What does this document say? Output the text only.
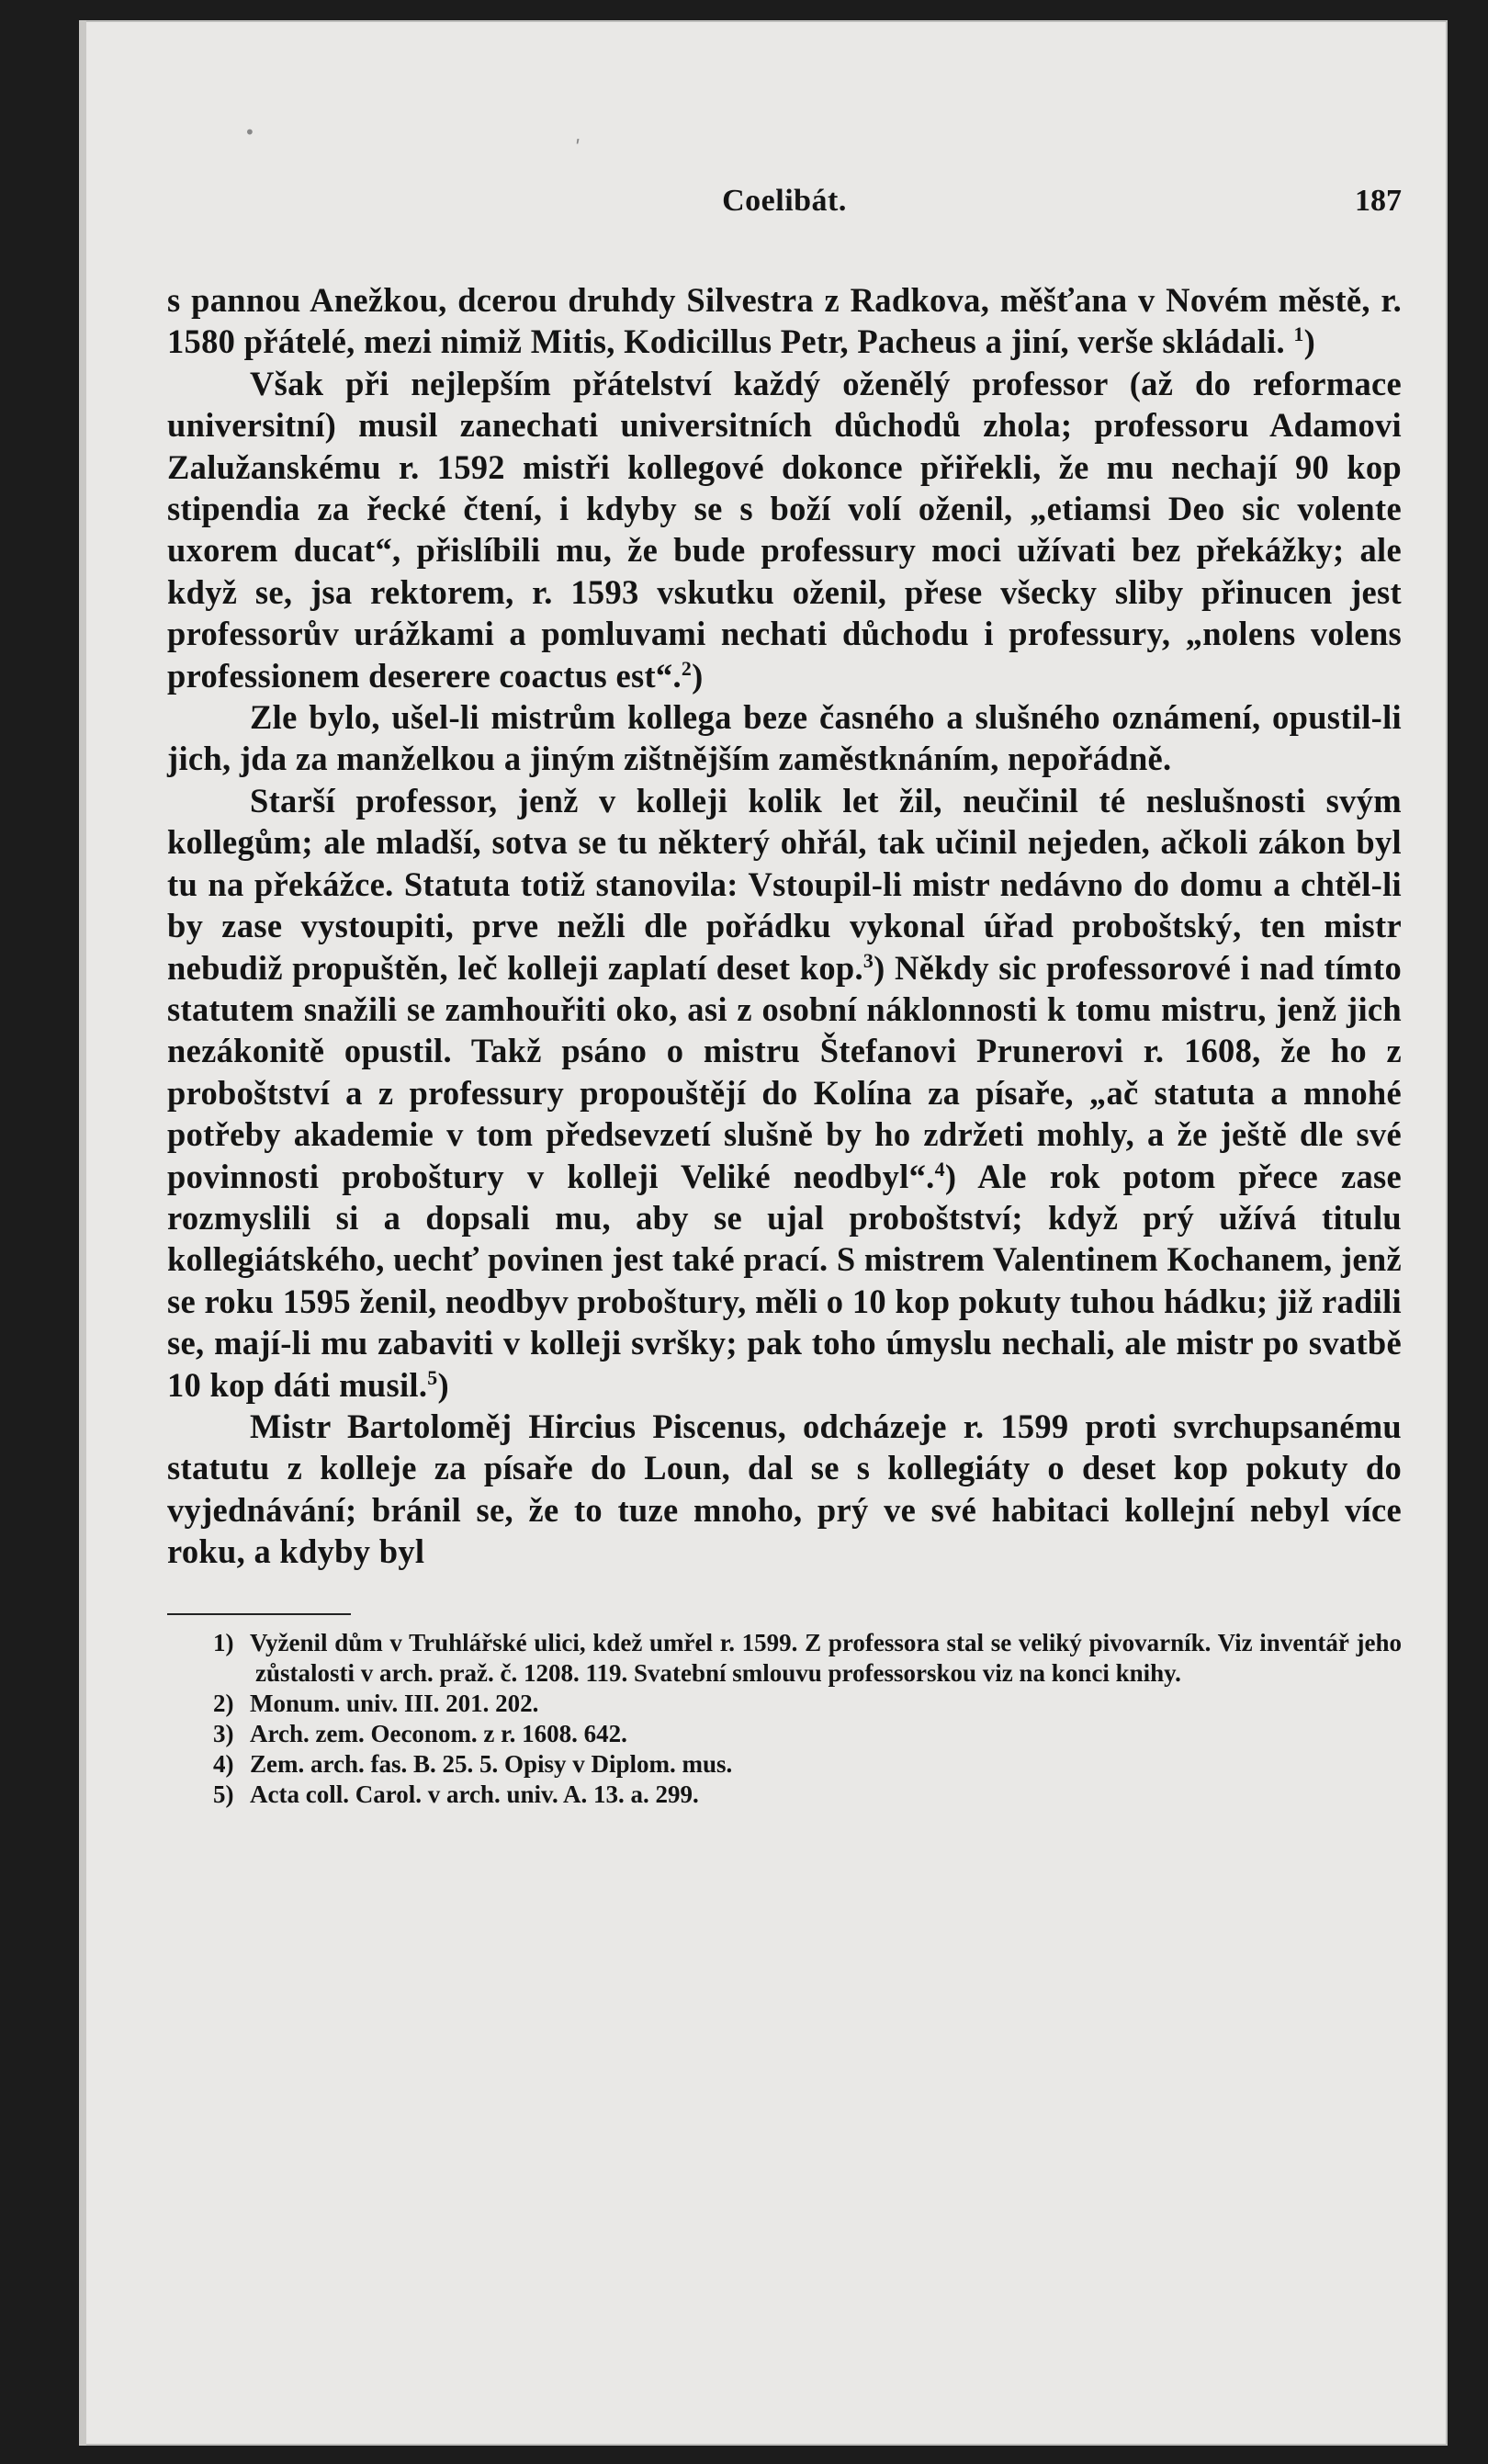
•
ʹ
Coelibát.	187

s pannou Anežkou, dcerou druhdy Silvestra z Radkova, měšťana v Novém městě, r. 1580 přátelé, mezi nimiž Mitis, Kodicillus Petr, Pacheus a jiní, verše skládali. $^1$)

Však při nejlepším přátelství každý oženělý professor (až do reformace universitní) musil zanechati universitních důchodů zhola; professoru Adamovi Zalužanskému r. 1592 mistři kollegové dokonce přiřekli, že mu nechají 90 kop stipendia za řecké čtení, i kdyby se s boží volí oženil, „etiamsi Deo sic volente uxorem ducat“, přislíbili mu, že bude professury moci užívati bez překážky; ale když se, jsa rektorem, r. 1593 vskutku oženil, přese všecky sliby přinucen jest professorův urážkami a pomluvami nechati důchodu i professury, „nolens volens professionem deserere coactus est“.$^2$)

Zle bylo, ušel-li mistrům kollega beze časného a slušného oznámení, opustil-li jich, jda za manželkou a jiným zištnějším zaměstknáním, nepořádně.

Starší professor, jenž v kolleji kolik let žil, neučinil té neslušnosti svým kollegům; ale mladší, sotva se tu některý ohřál, tak učinil nejeden, ačkoli zákon byl tu na překážce. Statuta totiž stanovila: Vstoupil-li mistr nedávno do domu a chtěl-li by zase vystoupiti, prve nežli dle pořádku vykonal úřad proboštský, ten mistr nebudiž propuštěn, leč kolleji zaplatí deset kop.$^3$) Někdy sic professorové i nad tímto statutem snažili se zamhouřiti oko, asi z osobní náklonnosti k tomu mistru, jenž jich nezákonitě opustil. Takž psáno o mistru Štefanovi Prunerovi r. 1608, že ho z proboštství a z professury propouštějí do Kolína za písaře, „ač statuta a mnohé potřeby akademie v tom předsevzetí slušně by ho zdržeti mohly, a že ještě dle své povinnosti proboštury v kolleji Veliké neodbyl“.$^4$) Ale rok potom přece zase rozmyslili si a dopsali mu, aby se ujal proboštství; když prý užívá titulu kollegiátského, uechť povinen jest také prací. S mistrem Valentinem Kochanem, jenž se roku 1595 ženil, neodbyv proboštury, měli o 10 kop pokuty tuhou hádku; již radili se, mají-li mu zabaviti v kolleji svršky; pak toho úmyslu nechali, ale mistr po svatbě 10 kop dáti musil.$^5$)

Mistr Bartoloměj Hircius Piscenus, odcházeje r. 1599 proti svrchupsanému statutu z kolleje za písaře do Loun, dal se s kollegiáty o deset kop pokuty do vyjednávání; bránil se, že to tuze mnoho, prý ve své habitaci kollejní nebyl více roku, a kdyby byl

1) Vyženil dům v Truhlářské ulici, kdež umřel r. 1599. Z professora stal se veliký pivovarník. Viz inventář jeho zůstalosti v arch. praž. č. 1208. 119. Svatební smlouvu professorskou viz na konci knihy.

2) Monum. univ. III. 201. 202.

3) Arch. zem. Oeconom. z r. 1608. 642.

4) Zem. arch. fas. B. 25. 5. Opisy v Diplom. mus.

5) Acta coll. Carol. v arch. univ. A. 13. a. 299.
